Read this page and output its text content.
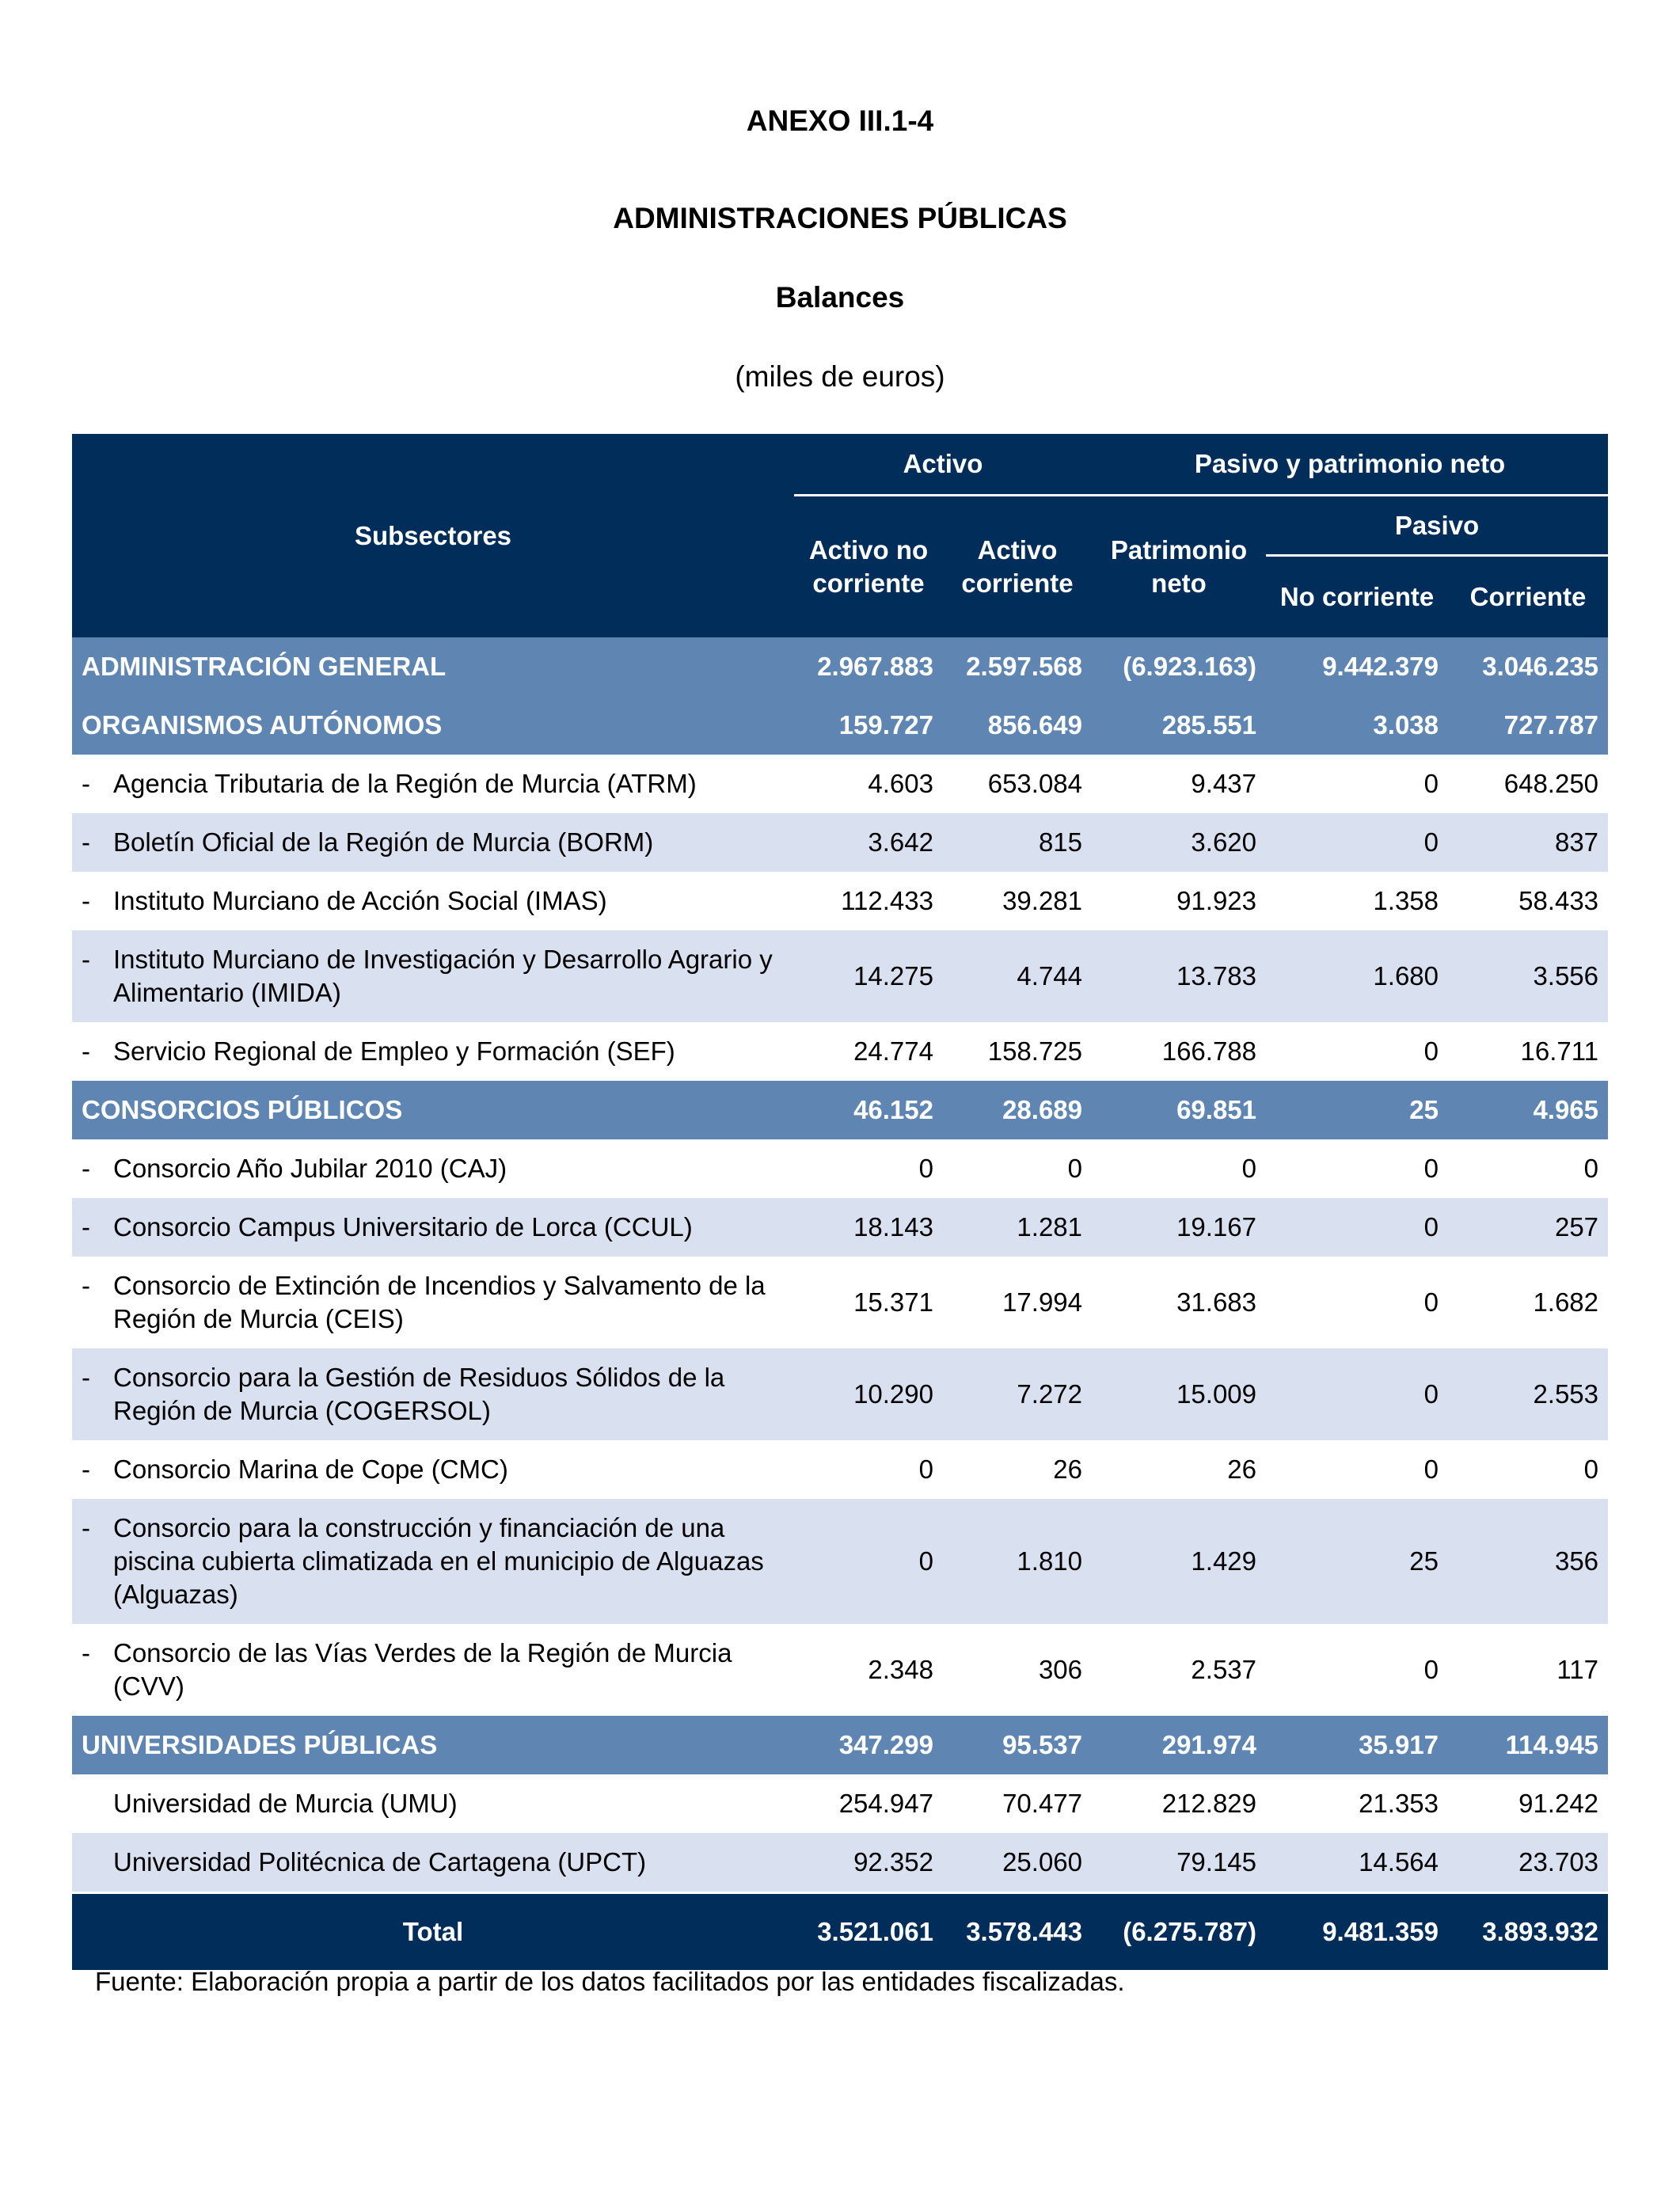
ANEXO III.1-4
ADMINISTRACIONES PÚBLICAS
Balances

(miles de euros)

Subsectores	Activo		Pasivo y patrimonio neto		
	Activo no corriente	Activo corriente	Patrimonio neto	Pasivo	
				No corriente	Corriente
ADMINISTRACIÓN GENERAL	2.967.883	2.597.568	(6.923.163)	9.442.379	3.046.235
ORGANISMOS AUTÓNOMOS	159.727	856.649	285.551	3.038	727.787

- Agencia Tributaria de la Región de Murcia (ATRM)	4.603	653.084	9.437	0	648.250

- Boletín Oficial de la Región de Murcia (BORM)	3.642	815	3.620	0	837

- Instituto Murciano de Acción Social (IMAS)	112.433	39.281	91.923	1.358	58.433

- Instituto Murciano de Investigación y Desarrollo Agrario y Alimentario (IMIDA)	14.275	4.744	13.783	1.680	3.556

- Servicio Regional de Empleo y Formación (SEF)	24.774	158.725	166.788	0	16.711
CONSORCIOS PÚBLICOS	46.152	28.689	69.851	25	4.965

- Consorcio Año Jubilar 2010 (CAJ)	0	0	0	0	0

- Consorcio Campus Universitario de Lorca (CCUL)	18.143	1.281	19.167	0	257

- Consorcio de Extinción de Incendios y Salvamento de la Región de Murcia (CEIS)	15.371	17.994	31.683	0	1.682

- Consorcio para la Gestión de Residuos Sólidos de la Región de Murcia (COGERSOL)	10.290	7.272	15.009	0	2.553

- Consorcio Marina de Cope (CMC)	0	26	26	0	0

- Consorcio para la construcción y financiación de una piscina cubierta climatizada en el municipio de Alguazas (Alguazas)	0	1.810	1.429	25	356

- Consorcio de las Vías Verdes de la Región de Murcia (CVV)	2.348	306	2.537	0	117
UNIVERSIDADES PÚBLICAS	347.299	95.537	291.974	35.917	114.945

Universidad de Murcia (UMU)	254.947	70.477	212.829	21.353	91.242

Universidad Politécnica de Cartagena (UPCT)	92.352	25.060	79.145	14.564	23.703
Total	3.521.061	3.578.443	(6.275.787)	9.481.359	3.893.932

Fuente: Elaboración propia a partir de los datos facilitados por las entidades fiscalizadas.
